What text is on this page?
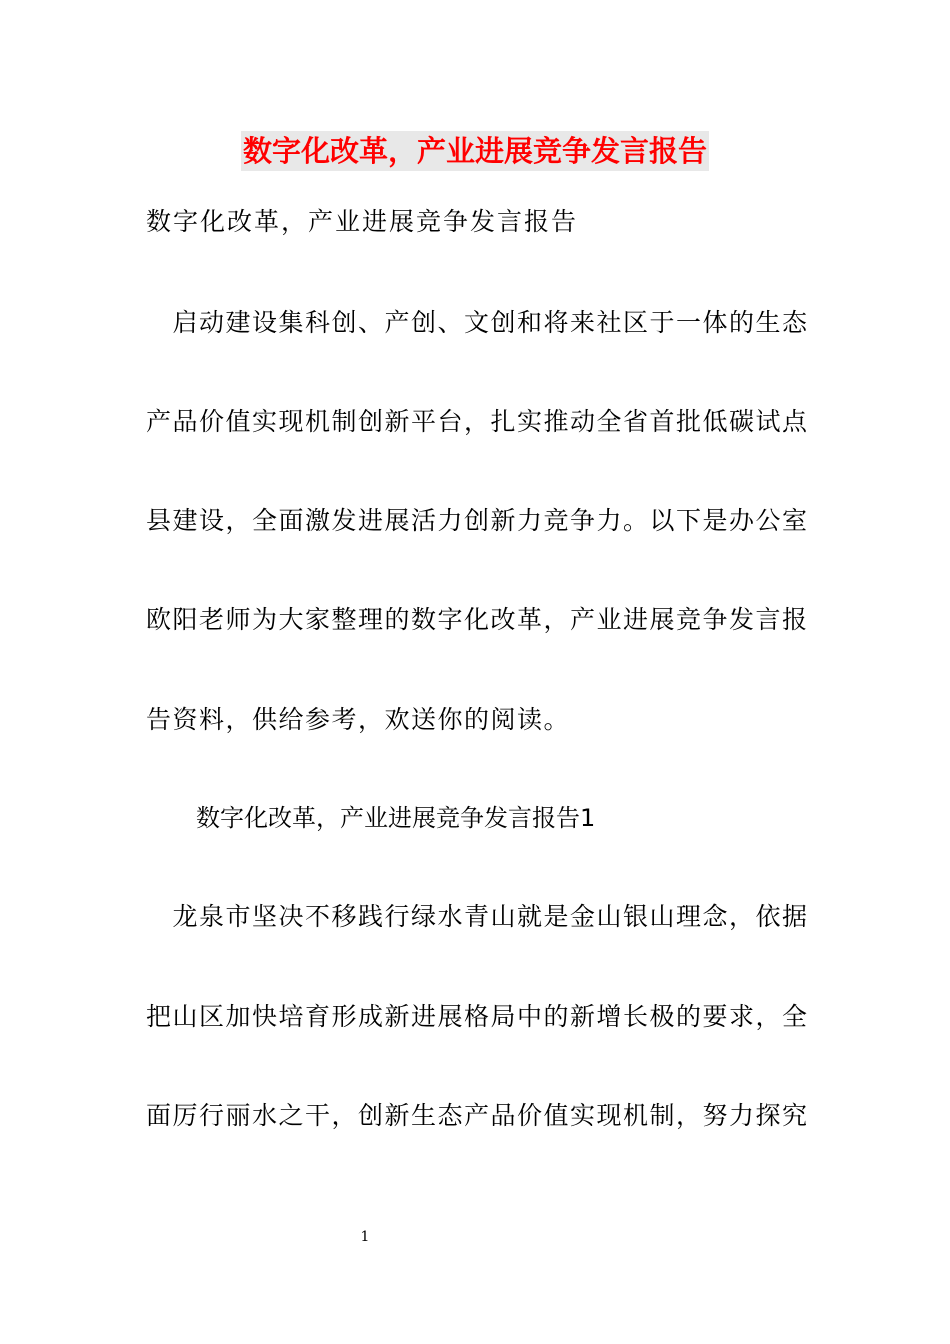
数字化改革，产业进展竞争发言报告
数字化改革，产业进展竞争发言报告
　启动建设集科创、产创、文创和将来社区于一体的生态
产品价值实现机制创新平台，扎实推动全省首批低碳试点
县建设，全面激发进展活力创新力竞争力。以下是办公室
欧阳老师为大家整理的数字化改革，产业进展竞争发言报
告资料，供给参考，欢送你的阅读。
数字化改革，产业进展竞争发言报告1
　龙泉市坚决不移践行绿水青山就是金山银山理念，依据
把山区加快培育形成新进展格局中的新增长极的要求，全
面厉行丽水之干，创新生态产品价值实现机制，努力探究
1
